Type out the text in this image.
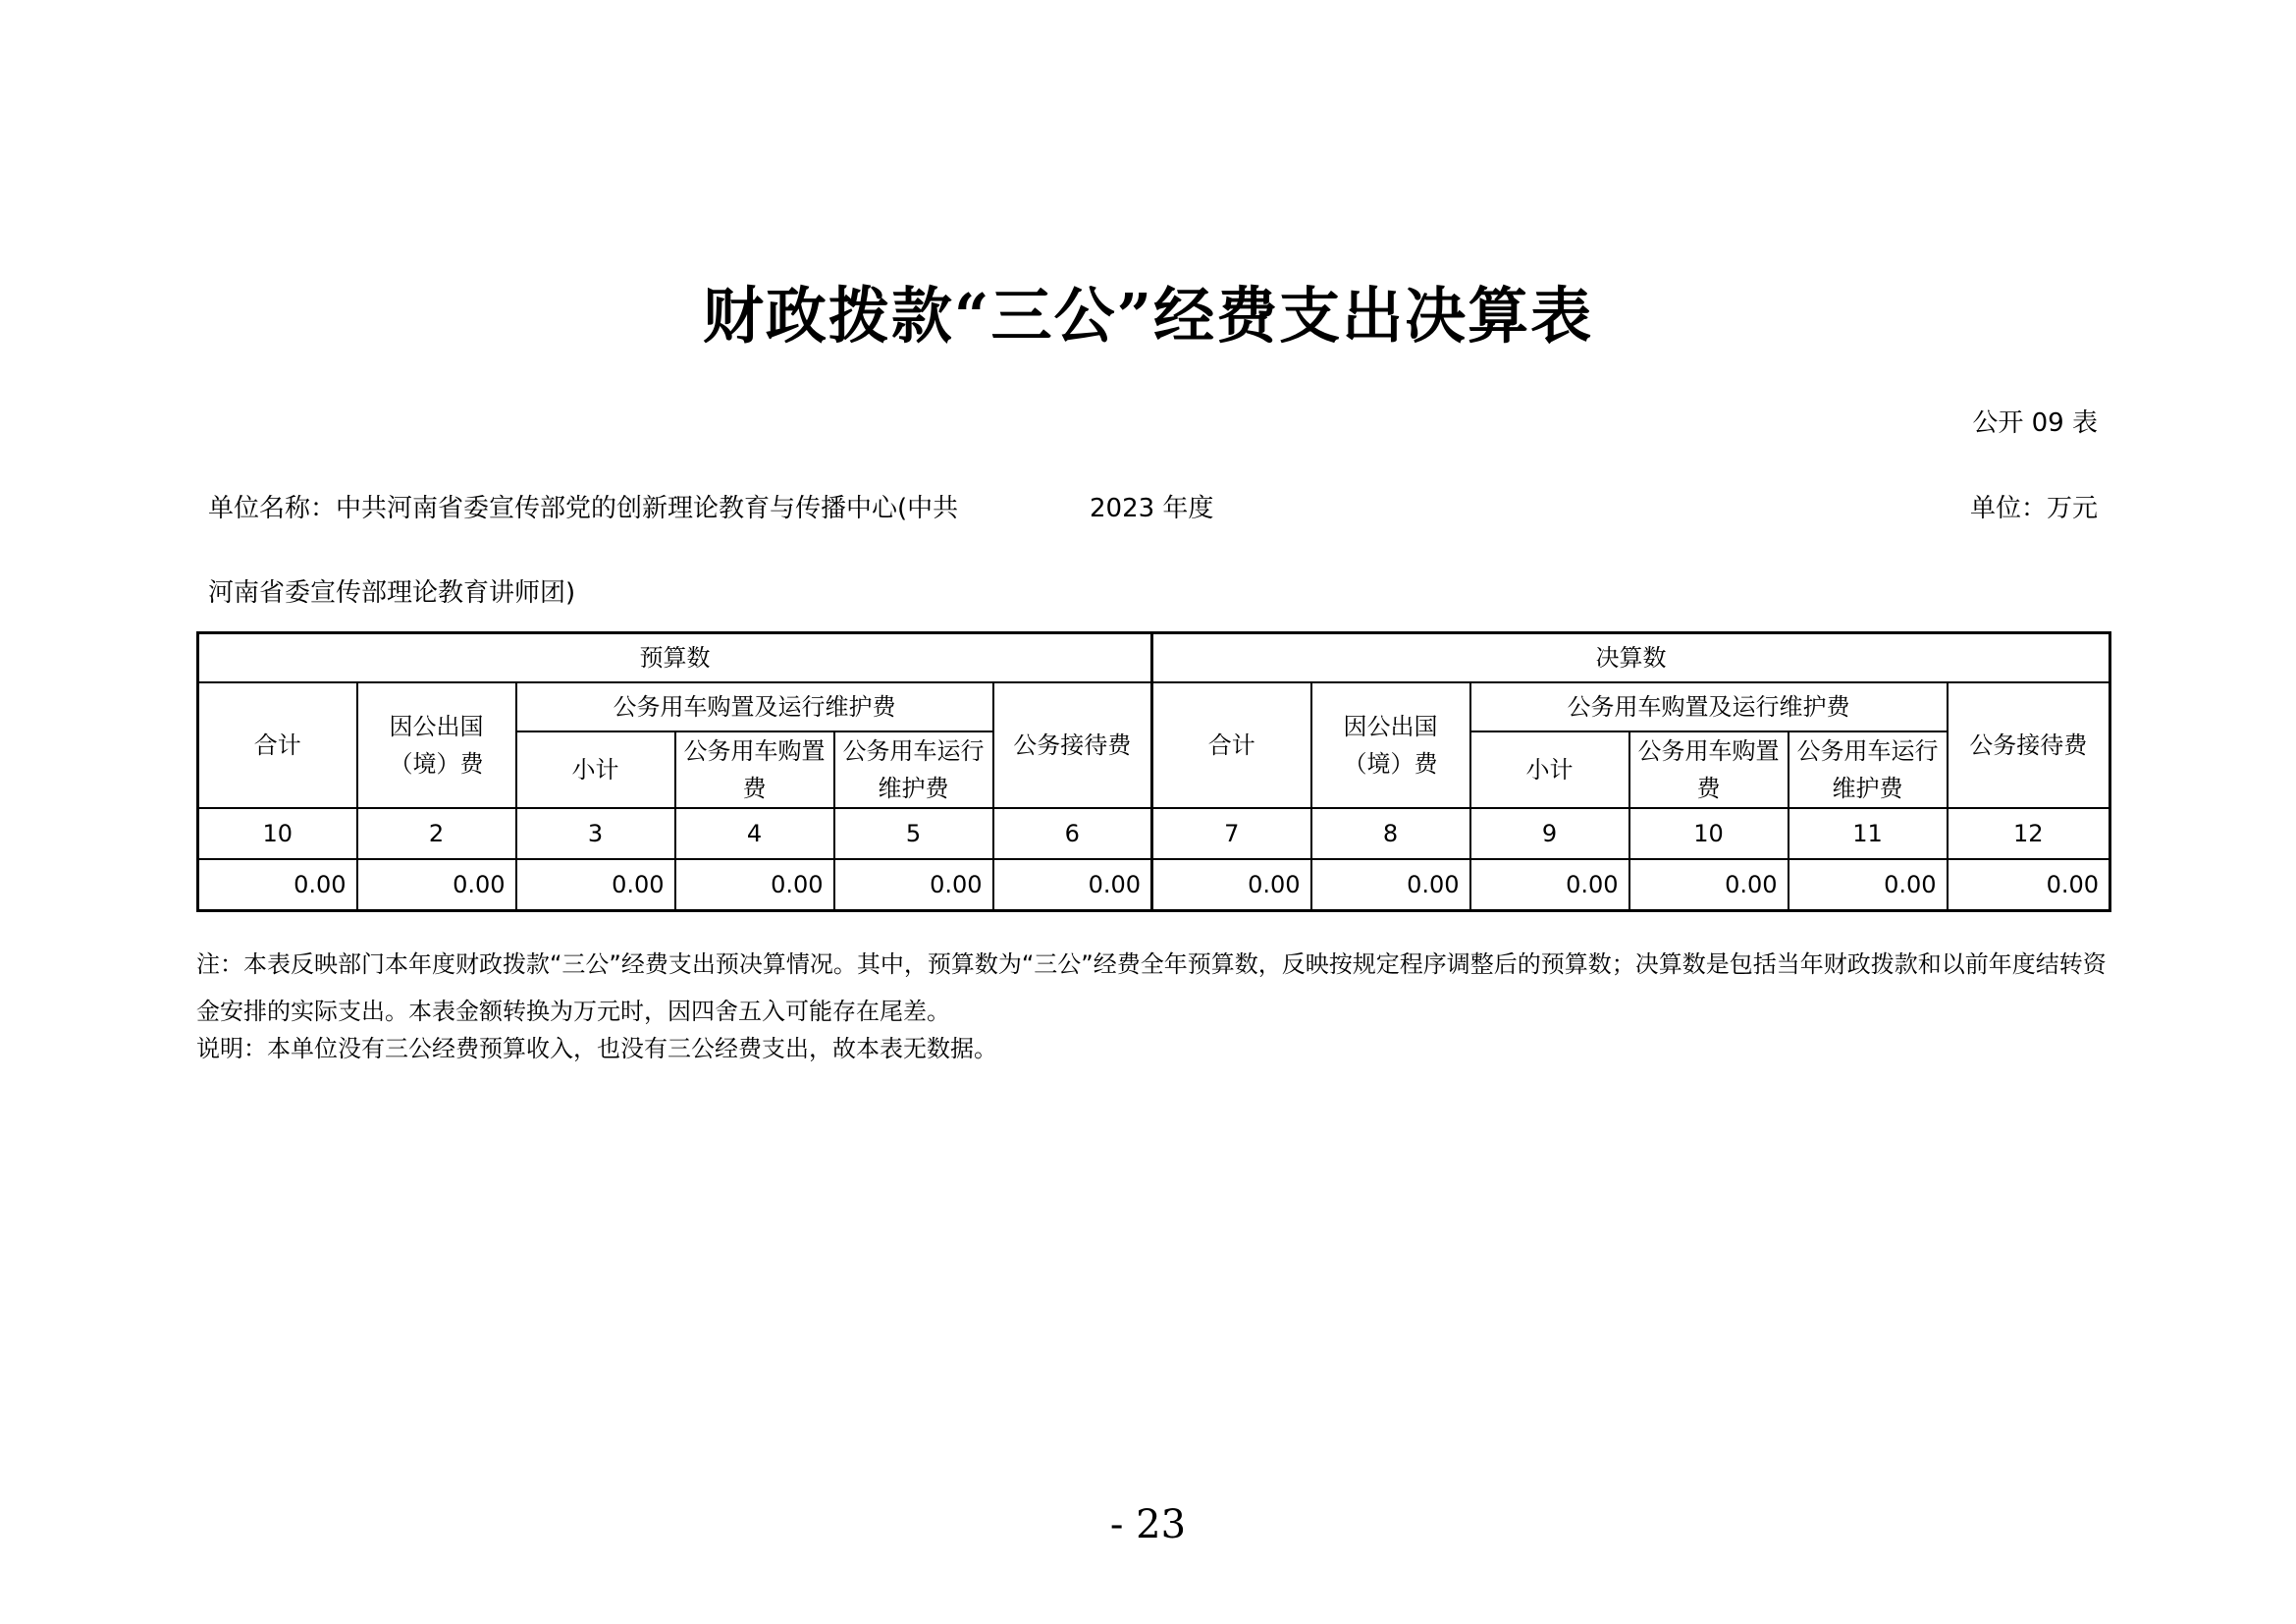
财政拨款“三公”经费支出决算表
公开 09 表
单位名称：中共河南省委宣传部党的创新理论教育与传播中心(中共	2023 年度	单位：万元
河南省委宣传部理论教育讲师团)
预算数						决算数					
合计	因公出国（境）费	公务用车购置及运行维护费			公务接待费	合计	因公出国（境）费	公务用车购置及运行维护费			公务接待费
		小计	公务用车购置费	公务用车运行维护费				小计	公务用车购置费	公务用车运行维护费	
10	2	3	4	5	6	7	8	9	10	11	12
0.00	0.00	0.00	0.00	0.00	0.00	0.00	0.00	0.00	0.00	0.00	0.00
注：本表反映部门本年度财政拨款“三公”经费支出预决算情况。其中，预算数为“三公”经费全年预算数，反映按规定程序调整后的预算数；决算数是包括当年财政拨款和以前年度结转资金安排的实际支出。本表金额转换为万元时，因四舍五入可能存在尾差。
说明：本单位没有三公经费预算收入，也没有三公经费支出，故本表无数据。
- 23
